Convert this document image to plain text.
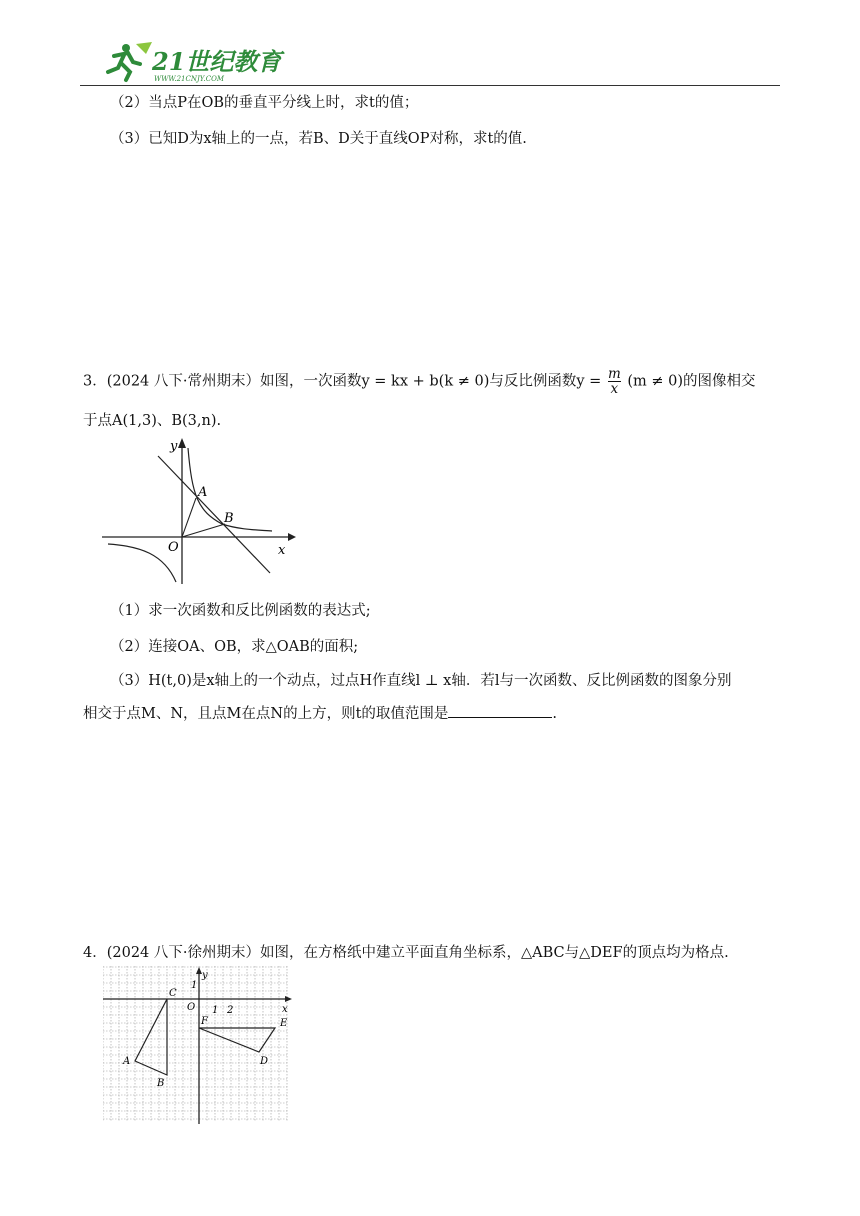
21世纪教育
WWW.21CNJY.COM
（2）当点P在OB的垂直平分线上时，求t的值；
（3）已知D为x轴上的一点，若B、D关于直线OP对称，求t的值.
3．(2024 八下·常州期末）如图，一次函数y = kx + b(k ≠ 0)与反比例函数$y = \frac{m}{x} (m \ne 0)$的图像相交
于点A(1,3)、B(3,n).
y
x
O
A
B
（1）求一次函数和反比例函数的表达式;
（2）连接OA、OB，求△OAB的面积;
（3）H(t,0)是x轴上的一个动点，过点H作直线l ⊥ x轴．若l与一次函数、反比例函数的图象分别
相交于点M、N，且点M在点N的上方，则t的取值范围是	.
4．(2024 八下·徐州期末）如图，在方格纸中建立平面直角坐标系，△ABC与△DEF的顶点均为格点.
y
x
O 1 2
1
A
B
C
D
E
F
